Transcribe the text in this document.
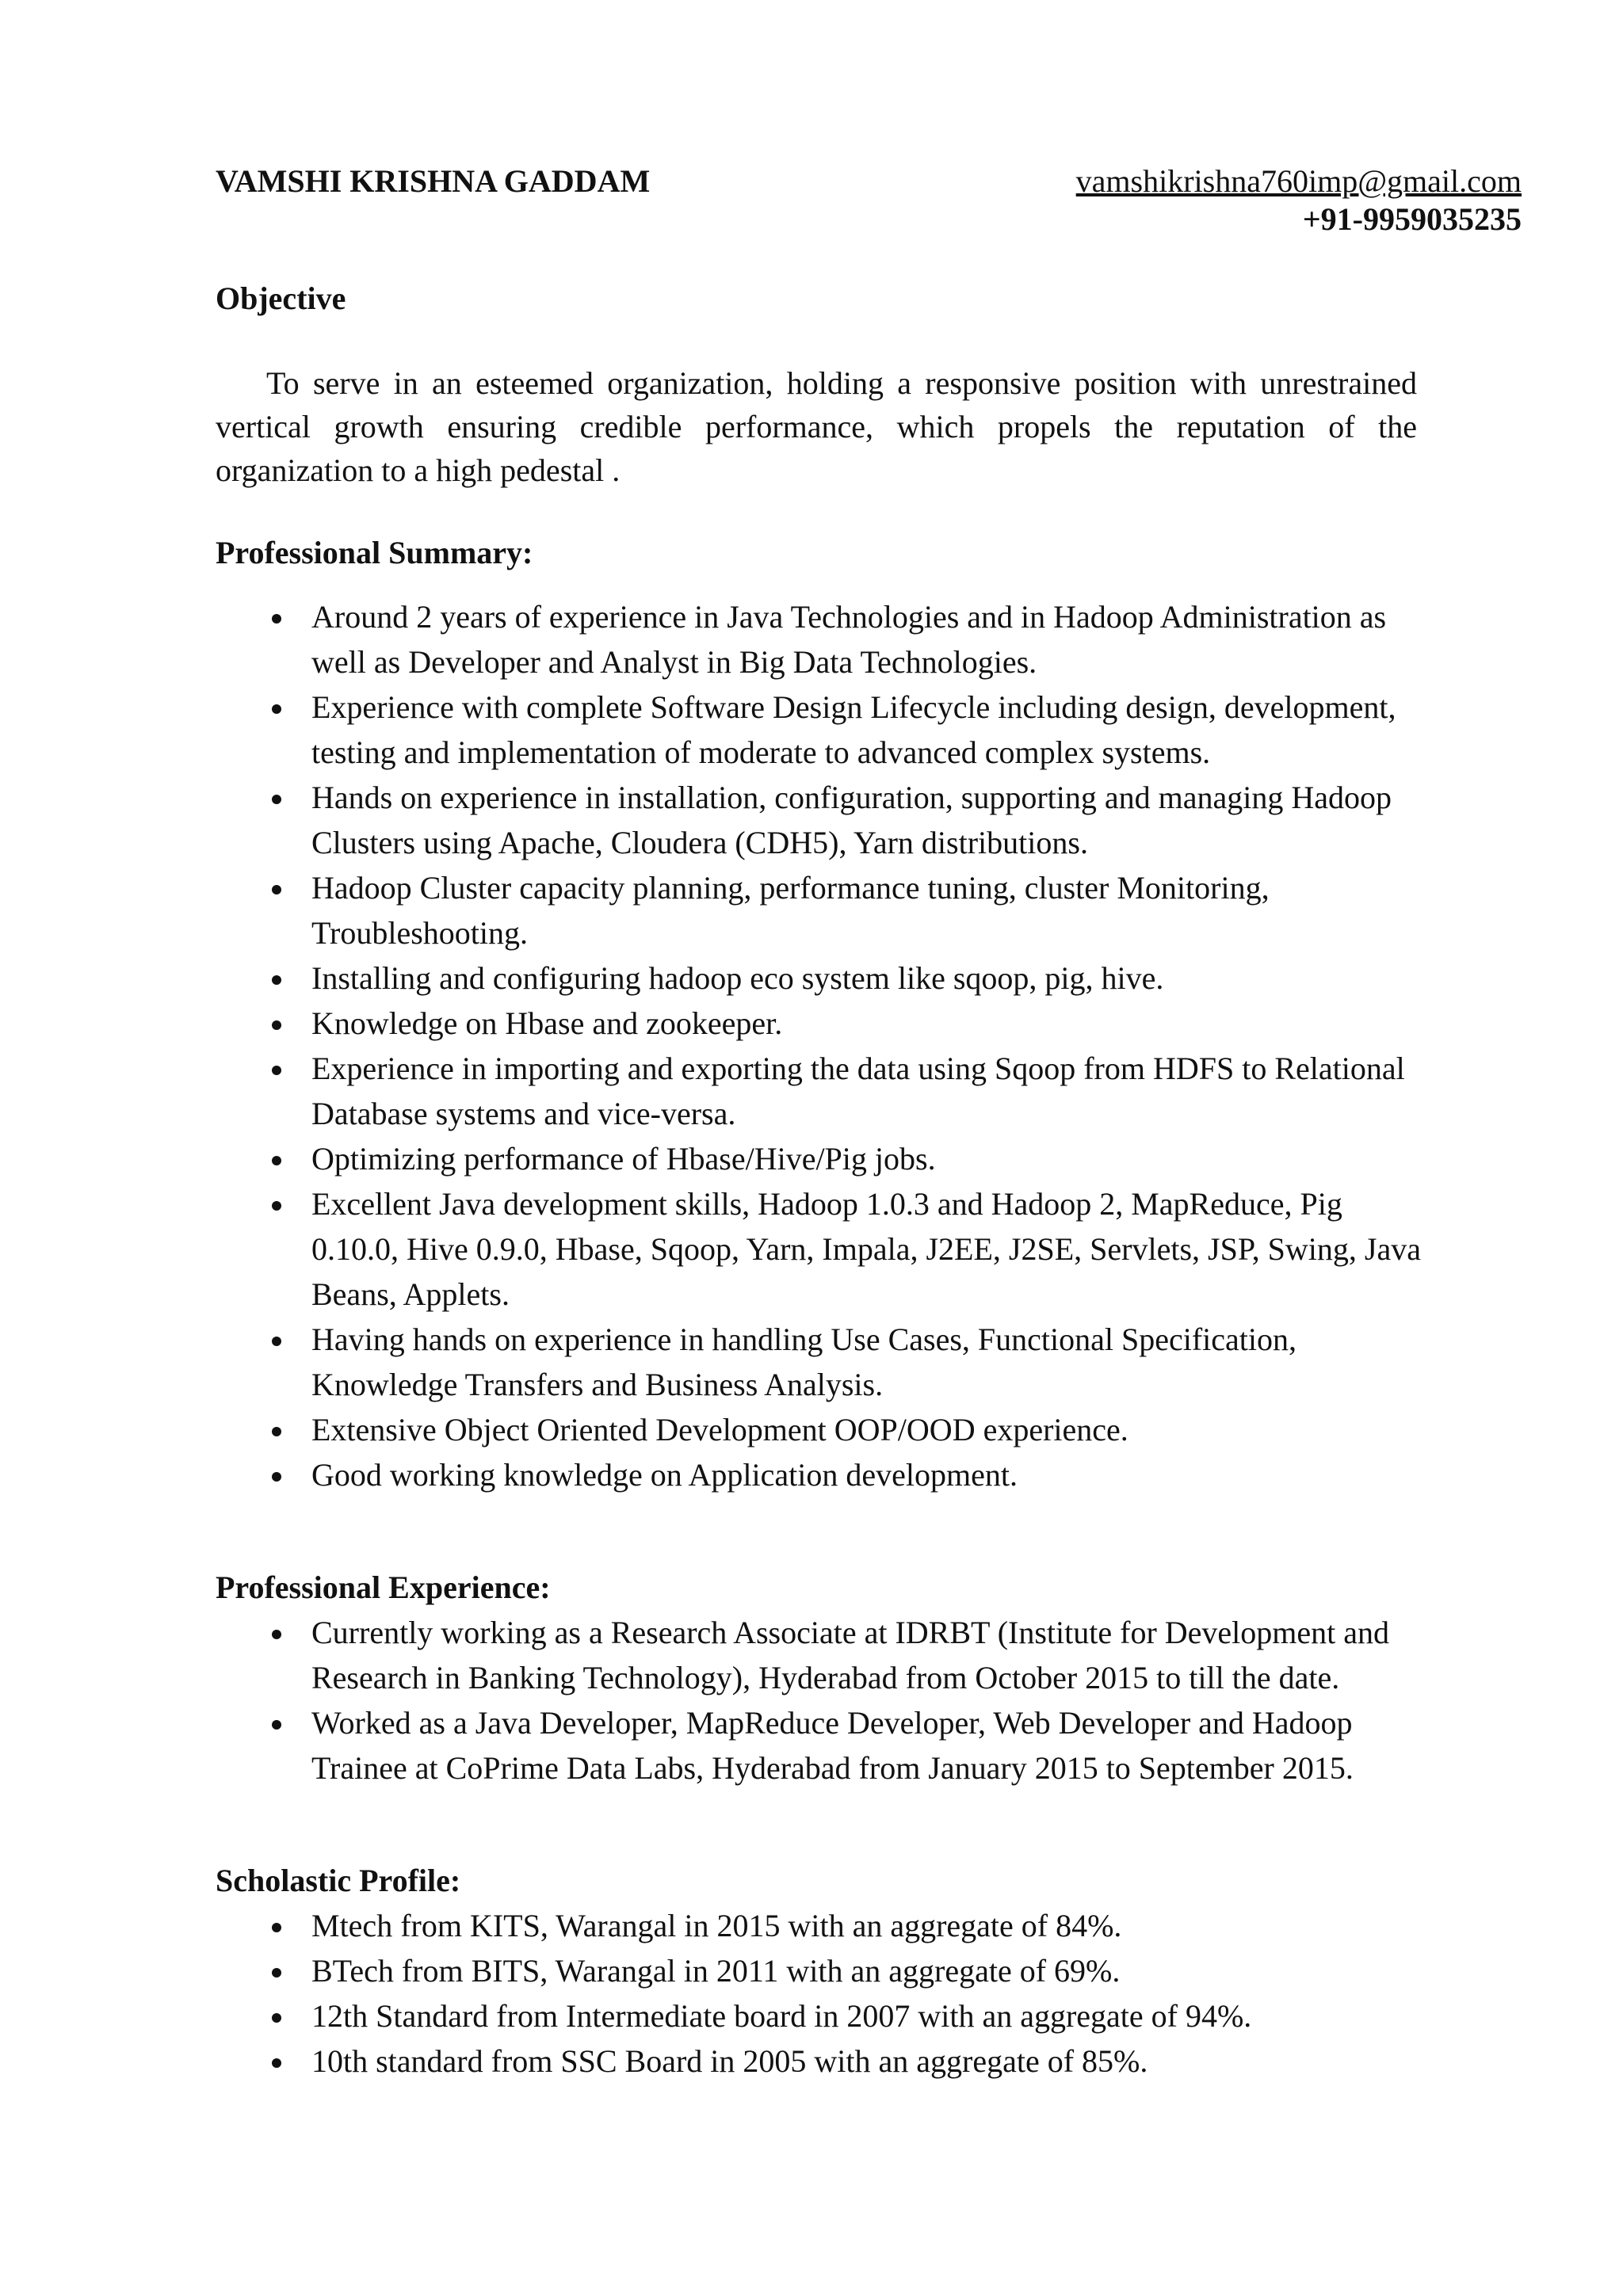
VAMSHI KRISHNA GADDAM	vamshikrishna760imp@gmail.com
+91-9959035235
Objective

To serve in an esteemed organization, holding a responsive position with unrestrained vertical growth ensuring credible performance, which propels the reputation of the organization to a high pedestal .

Professional Summary:
Around 2 years of experience in Java Technologies and in Hadoop Administration as well as Developer and Analyst in Big Data Technologies.
Experience with complete Software Design Lifecycle including design, development, testing and implementation of moderate to advanced complex systems.
Hands on experience in installation, configuration, supporting and managing Hadoop Clusters using Apache, Cloudera (CDH5), Yarn distributions.
Hadoop Cluster capacity planning, performance tuning, cluster Monitoring, Troubleshooting.
Installing and configuring hadoop eco system like sqoop, pig, hive.
Knowledge on Hbase and zookeeper.
Experience in importing and exporting the data using Sqoop from HDFS to Relational Database systems and vice-versa.
Optimizing performance of Hbase/Hive/Pig jobs.
Excellent Java development skills, Hadoop 1.0.3 and Hadoop 2, MapReduce, Pig 0.10.0, Hive 0.9.0, Hbase, Sqoop, Yarn, Impala, J2EE, J2SE, Servlets, JSP, Swing, Java Beans, Applets.
Having hands on experience in handling Use Cases, Functional Specification, Knowledge Transfers and Business Analysis.
Extensive Object Oriented Development OOP/OOD experience.
Good working knowledge on Application development.
Professional Experience:
Currently working as a Research Associate at IDRBT (Institute for Development and Research in Banking Technology), Hyderabad from October 2015 to till the date.
Worked as a Java Developer, MapReduce Developer, Web Developer and Hadoop Trainee at CoPrime Data Labs, Hyderabad from January 2015 to September 2015.
Scholastic Profile:
Mtech from KITS, Warangal in 2015 with an aggregate of 84%.
BTech from BITS, Warangal in 2011 with an aggregate of 69%.
12th Standard from Intermediate board in 2007 with an aggregate of 94%.
10th standard from SSC Board in 2005 with an aggregate of 85%.
